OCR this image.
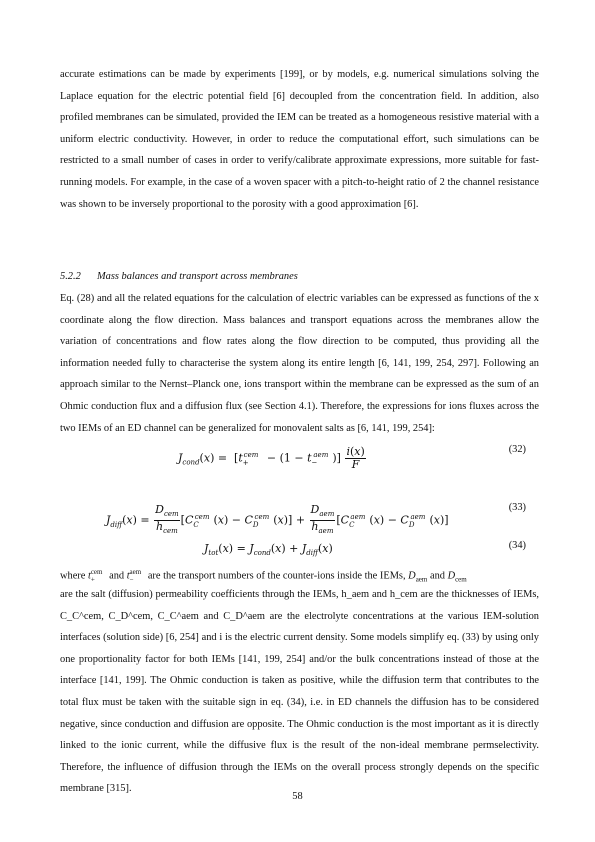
accurate estimations can be made by experiments [199], or by models, e.g. numerical simulations solving the Laplace equation for the electric potential field [6] decoupled from the concentration field. In addition, also profiled membranes can be simulated, provided the IEM can be treated as a homogeneous resistive material with a uniform electric conductivity. However, in order to reduce the computational effort, such simulations can be restricted to a small number of cases in order to verify/calibrate approximate expressions, more suitable for fast-running models. For example, in the case of a woven spacer with a pitch-to-height ratio of 2 the channel resistance was shown to be inversely proportional to the porosity with a good approximation [6].

5.2.2 Mass balances and transport across membranes

Eq. (28) and all the related equations for the calculation of electric variables can be expressed as functions of the x coordinate along the flow direction. Mass balances and transport equations across the membranes allow the variation of concentrations and flow rates along the flow direction to be computed, thus providing all the information needed fully to characterise the system along its entire length [6, 141, 199, 254, 297]. Following an approach similar to the Nernst–Planck one, ions transport within the membrane can be expressed as the sum of an Ohmic conduction flux and a diffusion flux (see Section 4.1). Therefore, the expressions for ions fluxes across the two IEMs of an ED channel can be generalized for monovalent salts as [6, 141, 199, 254]:

$J_{cond}(x) = [t_+^{cem} - (1 - t_-^{aem}$ )] $\frac{i(x)}{F}$	(32)
$J_{diff}(x) = \frac{D_{cem}}{h_{cem}} [C_C^{cem}$ $(x) - C_D^{cem}$ $(x)] + \frac{D_{aem}}{h_{aem}} [C_C^{aem}$ $(x) - C_D^{aem}$ (x)]
(33)
$J_{tot}(x) = J_{cond}(x) + J_{diff}(x)$	(34)

where $t_+^{cem}$ and $t_-^{aem}$ are the transport numbers of the counter-ions inside the IEMs, $D_{aem}$ and $D_{cem}$

are the salt (diffusion) permeability coefficients through the IEMs, h_aem and h_cem are the thicknesses of IEMs, C_C^cem, C_D^cem, C_C^aem and C_D^aem are the electrolyte concentrations at the various IEM-solution interfaces (solution side) [6, 254] and i is the electric current density. Some models simplify eq. (33) by using only one proportionality factor for both IEMs [141, 199, 254] and/or the bulk concentrations instead of those at the interface [141, 199]. The Ohmic conduction is taken as positive, while the diffusion term that contributes to the total flux must be taken with the suitable sign in eq. (34), i.e. in ED channels the diffusion has to be considered negative, since conduction and diffusion are opposite. The Ohmic conduction is the most important as it is directly linked to the ionic current, while the diffusive flux is the result of the non-ideal membrane permselectivity. Therefore, the influence of diffusion through the IEMs on the overall process strongly depends on the specific membrane [315].

58
